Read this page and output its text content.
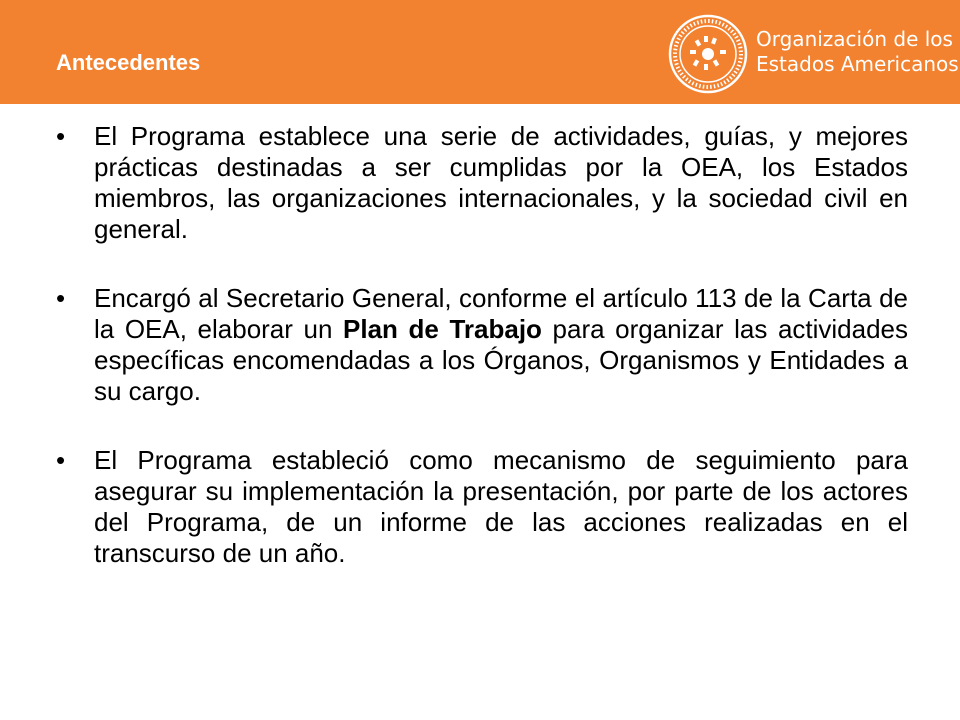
Antecedentes
Organización de los
Estados Americanos
• El Programa establece una serie de actividades, guías, y mejores prácticas destinadas a ser cumplidas por la OEA, los Estados miembros, las organizaciones internacionales, y la sociedad civil en general.
• Encargó al Secretario General, conforme el artículo 113 de la Carta de la OEA, elaborar un Plan de Trabajo para organizar las actividades específicas encomendadas a los Órganos, Organismos y Entidades a su cargo.
• El Programa estableció como mecanismo de seguimiento para asegurar su implementación la presentación, por parte de los actores del Programa, de un informe de las acciones realizadas en el transcurso de un año.
